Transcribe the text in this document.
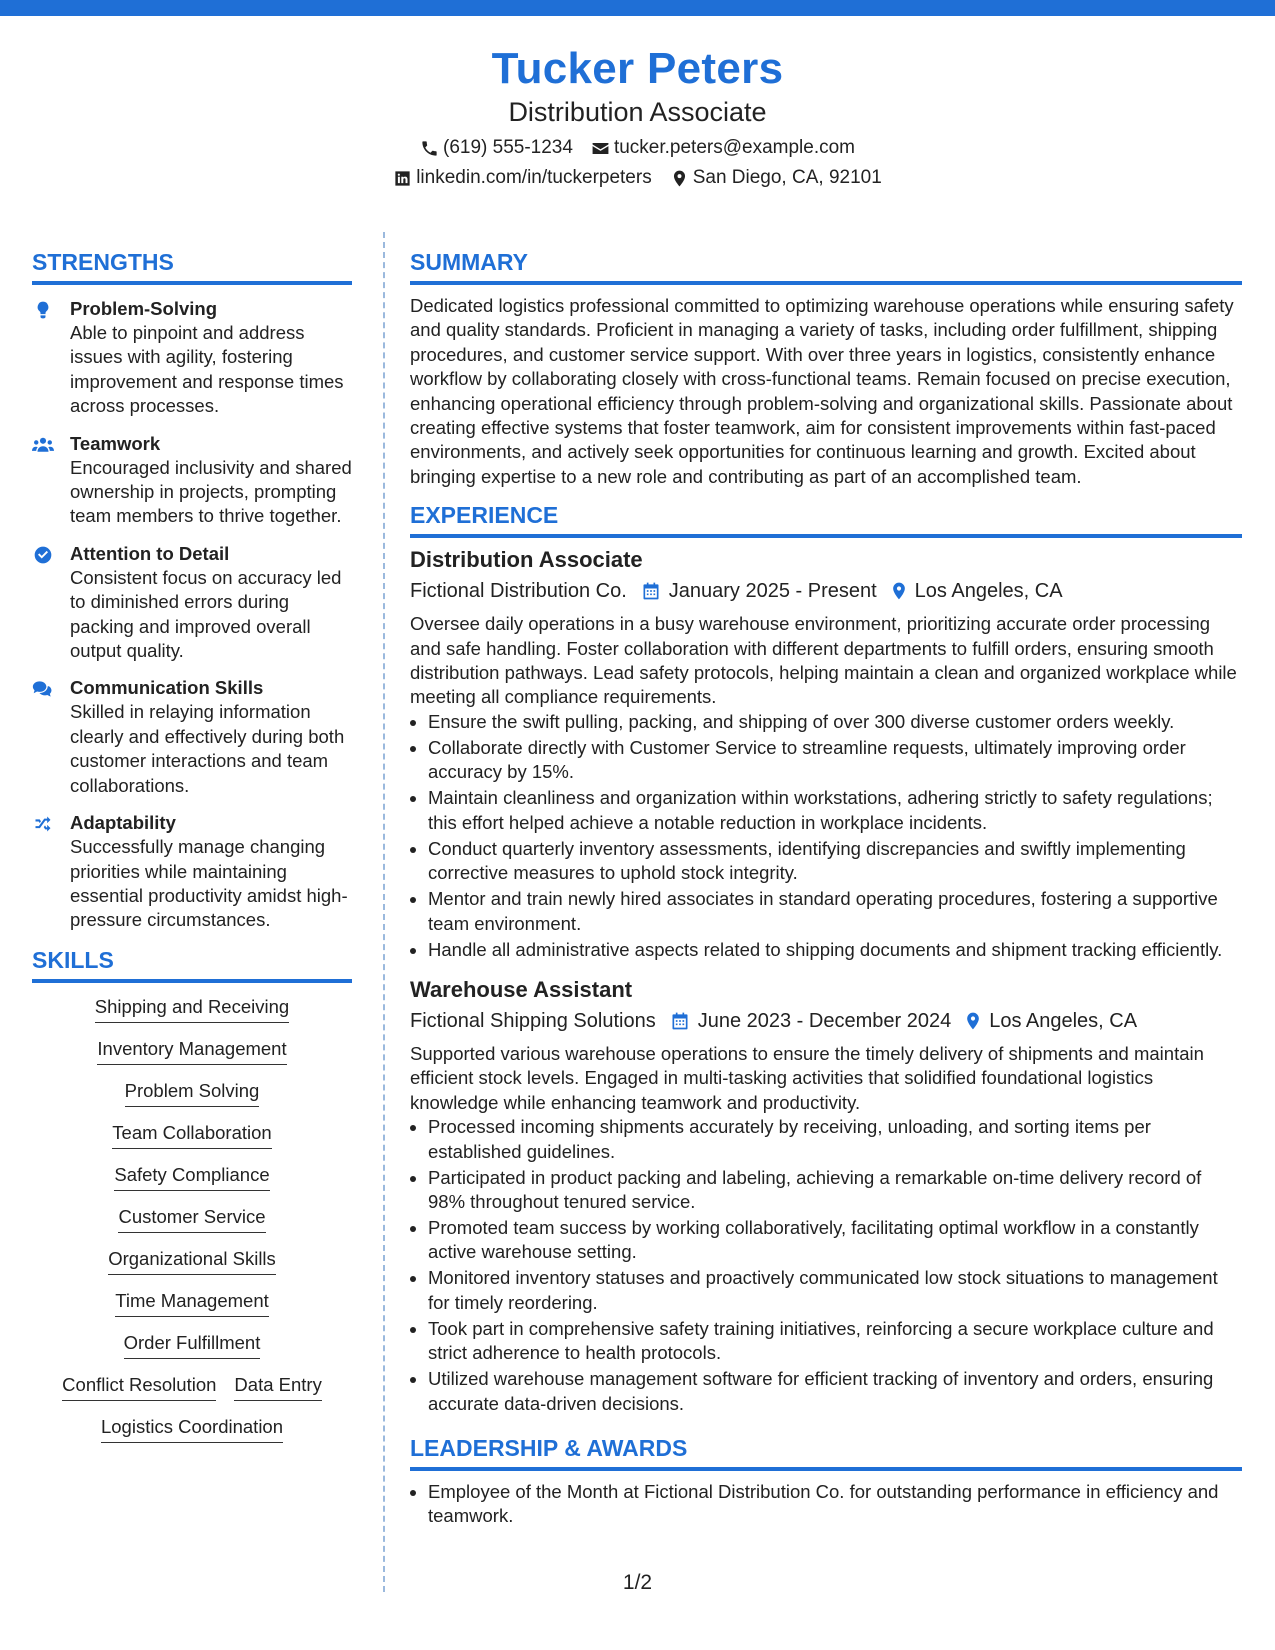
Tucker Peters
Distribution Associate
(619) 555-1234 tucker.peters@example.com
linkedin.com/in/tuckerpeters San Diego, CA, 92101
STRENGTHS
Problem-Solving
Able to pinpoint and address issues with agility, fostering improvement and response times across processes.
Teamwork
Encouraged inclusivity and shared ownership in projects, prompting team members to thrive together.
Attention to Detail
Consistent focus on accuracy led to diminished errors during packing and improved overall output quality.
Communication Skills
Skilled in relaying information clearly and effectively during both customer interactions and team collaborations.
Adaptability
Successfully manage changing priorities while maintaining essential productivity amidst high-pressure circumstances.
SKILLS
Shipping and Receiving
Inventory Management
Problem Solving
Team Collaboration
Safety Compliance
Customer Service
Organizational Skills
Time Management
Order Fulfillment
Conflict Resolution Data Entry
Logistics Coordination
SUMMARY
Dedicated logistics professional committed to optimizing warehouse operations while ensuring safety and quality standards. Proficient in managing a variety of tasks, including order fulfillment, shipping procedures, and customer service support. With over three years in logistics, consistently enhance workflow by collaborating closely with cross-functional teams. Remain focused on precise execution, enhancing operational efficiency through problem-solving and organizational skills. Passionate about creating effective systems that foster teamwork, aim for consistent improvements within fast-paced environments, and actively seek opportunities for continuous learning and growth. Excited about bringing expertise to a new role and contributing as part of an accomplished team.
EXPERIENCE
Distribution Associate
Fictional Distribution Co. January 2025 - Present Los Angeles, CA
Oversee daily operations in a busy warehouse environment, prioritizing accurate order processing and safe handling. Foster collaboration with different departments to fulfill orders, ensuring smooth distribution pathways. Lead safety protocols, helping maintain a clean and organized workplace while meeting all compliance requirements.
• Ensure the swift pulling, packing, and shipping of over 300 diverse customer orders weekly.
• Collaborate directly with Customer Service to streamline requests, ultimately improving order accuracy by 15%.
• Maintain cleanliness and organization within workstations, adhering strictly to safety regulations; this effort helped achieve a notable reduction in workplace incidents.
• Conduct quarterly inventory assessments, identifying discrepancies and swiftly implementing corrective measures to uphold stock integrity.
• Mentor and train newly hired associates in standard operating procedures, fostering a supportive team environment.
• Handle all administrative aspects related to shipping documents and shipment tracking efficiently.
Warehouse Assistant
Fictional Shipping Solutions June 2023 - December 2024 Los Angeles, CA
Supported various warehouse operations to ensure the timely delivery of shipments and maintain efficient stock levels. Engaged in multi-tasking activities that solidified foundational logistics knowledge while enhancing teamwork and productivity.
• Processed incoming shipments accurately by receiving, unloading, and sorting items per established guidelines.
• Participated in product packing and labeling, achieving a remarkable on-time delivery record of 98% throughout tenured service.
• Promoted team success by working collaboratively, facilitating optimal workflow in a constantly active warehouse setting.
• Monitored inventory statuses and proactively communicated low stock situations to management for timely reordering.
• Took part in comprehensive safety training initiatives, reinforcing a secure workplace culture and strict adherence to health protocols.
• Utilized warehouse management software for efficient tracking of inventory and orders, ensuring accurate data-driven decisions.
LEADERSHIP & AWARDS
• Employee of the Month at Fictional Distribution Co. for outstanding performance in efficiency and teamwork.
1/2
